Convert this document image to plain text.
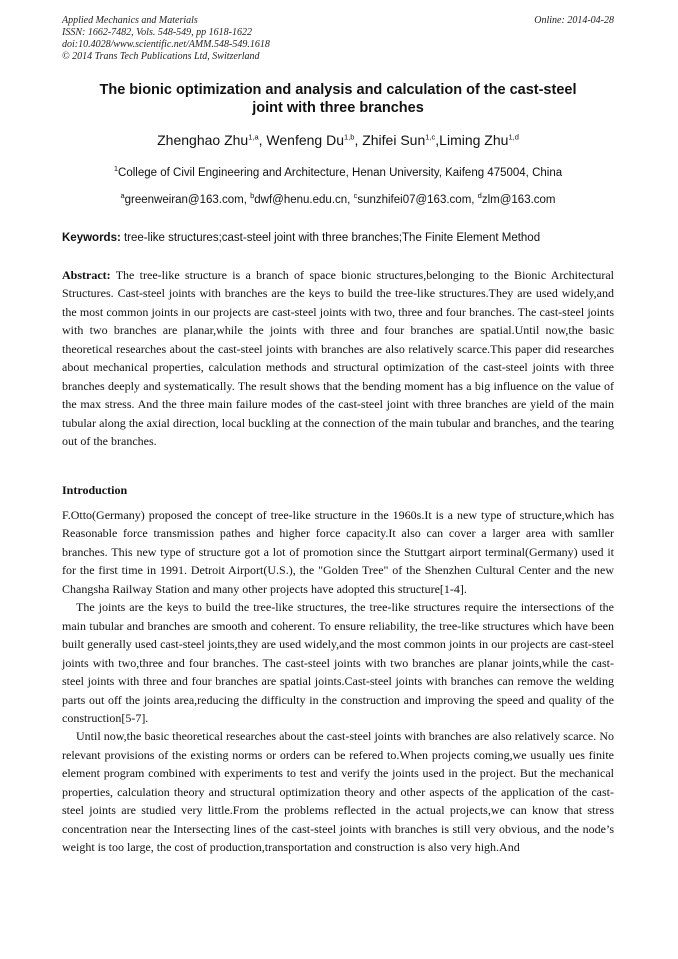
Applied Mechanics and Materials
ISSN: 1662-7482, Vols. 548-549, pp 1618-1622
doi:10.4028/www.scientific.net/AMM.548-549.1618
© 2014 Trans Tech Publications Ltd, Switzerland
Online: 2014-04-28
The bionic optimization and analysis and calculation of the cast-steel
joint with three branches
Zhenghao Zhu$^{1,a}$, Wenfeng Du$^{1,b}$, Zhifei Sun$^{1,c}$,Liming Zhu$^{1,d}$
$^1$College of Civil Engineering and Architecture, Henan University, Kaifeng 475004, China
$^a$greenweiran@163.com, $^b$dwf@henu.edu.cn, $^c$sunzhifei07@163.com, $^d$zlm@163.com
Keywords: tree-like structures;cast-steel joint with three branches;The Finite Element Method
Abstract: The tree-like structure is a branch of space bionic structures,belonging to the Bionic Architectural Structures. Cast-steel joints with branches are the keys to build the tree-like structures.They are used widely,and the most common joints in our projects are cast-steel joints with two, three and four branches. The cast-steel joints with two branches are planar,while the joints with three and four branches are spatial.Until now,the basic theoretical researches about the cast-steel joints with branches are also relatively scarce.This paper did researches about mechanical properties, calculation methods and structural optimization of the cast-steel joints with three branches deeply and systematically. The result shows that the bending moment has a big influence on the value of the max stress. And the three main failure modes of the cast-steel joint with three branches are yield of the main tubular along the axial direction, local buckling at the connection of the main tubular and branches, and the tearing out of the branches.
Introduction

F.Otto(Germany) proposed the concept of tree-like structure in the 1960s.It is a new type of structure,which has Reasonable force transmission pathes and higher force capacity.It also can cover a larger area with samller branches. This new type of structure got a lot of promotion since the Stuttgart airport terminal(Germany) used it for the first time in 1991. Detroit Airport(U.S.), the "Golden Tree" of the Shenzhen Cultural Center and the new Changsha Railway Station and many other projects have adopted this structure[1-4].

The joints are the keys to build the tree-like structures, the tree-like structures require the intersections of the main tubular and branches are smooth and coherent. To ensure reliability, the tree-like structures which have been built generally used cast-steel joints,they are used widely,and the most common joints in our projects are cast-steel joints with two,three and four branches. The cast-steel joints with two branches are planar joints,while the cast-steel joints with three and four branches are spatial joints.Cast-steel joints with branches can remove the welding parts out off the joints area,reducing the difficulty in the construction and improving the speed and quality of the construction[5-7].

Until now,the basic theoretical researches about the cast-steel joints with branches are also relatively scarce. No relevant provisions of the existing norms or orders can be refered to.When projects coming,we usually ues finite element program combined with experiments to test and verify the joints used in the project. But the mechanical properties, calculation theory and structural optimization theory and other aspects of the application of the cast-steel joints are studied very little.From the problems reflected in the actual projects,we can know that stress concentration near the Intersecting lines of the cast-steel joints with branches is still very obvious, and the node’s weight is too large, the cost of production,transportation and construction is also very high.And
